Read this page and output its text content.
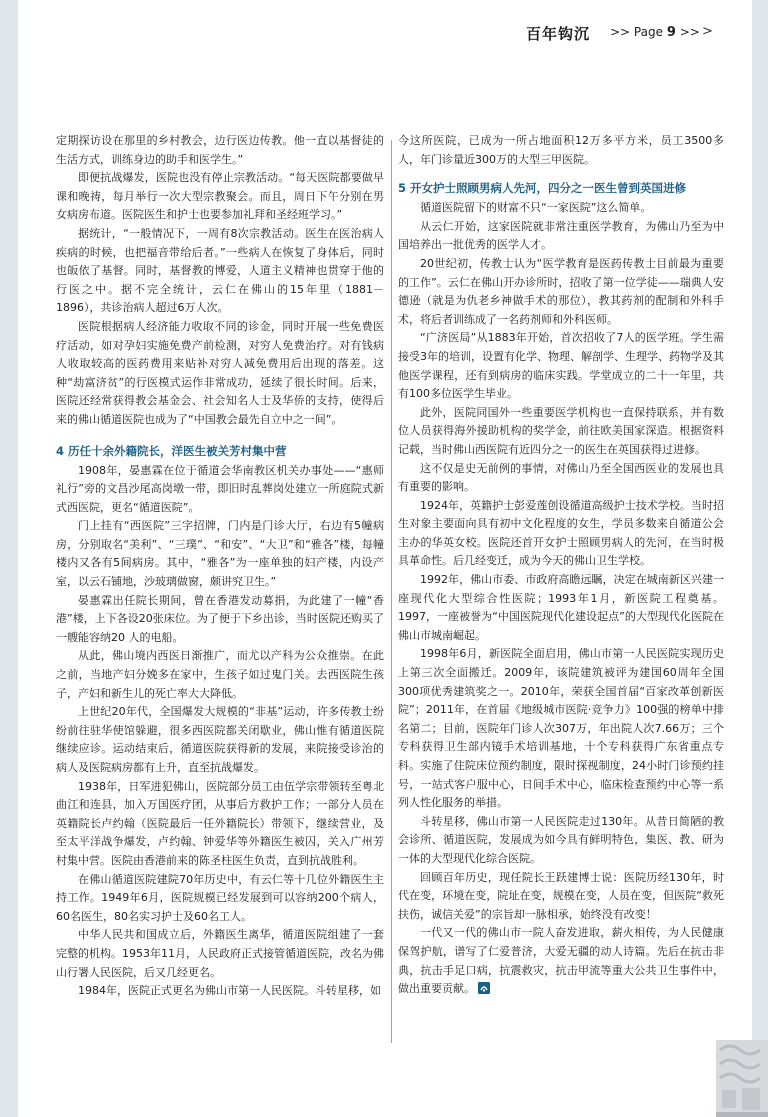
百年钩沉 >> Page 9 >> >

定期探访设在那里的乡村教会，边行医边传教。他一直以基督徒的生活方式，训练身边的助手和医学生。”

即便抗战爆发，医院也没有停止宗教活动。“每天医院都要做早课和晚祷，每月举行一次大型宗教聚会。而且，周日下午分别在男女病房布道。医院医生和护士也要参加礼拜和圣经班学习。”

据统计，“一般情况下，一周有8次宗教活动。医生在医治病人疾病的时候，也把福音带给后者。”一些病人在恢复了身体后，同时也皈依了基督。同时，基督教的博爱，人道主义精神也贯穿于他的行医之中。据不完全统计，云仁在佛山的15年里（1881－1896），共诊治病人超过6万人次。

医院根据病人经济能力收取不同的诊金，同时开展一些免费医疗活动，如对孕妇实施免费产前检测，对穷人免费治疗。对有钱病人收取较高的医药费用来贴补对穷人减免费用后出现的落差。这种“劫富济贫”的行医模式运作非常成功，延续了很长时间。后来，医院还经常获得教会基金会、社会知名人士及华侨的支持，使得后来的佛山循道医院也成为了“中国教会最先自立中之一间”。

4 历任十余外籍院长，洋医生被关芳村集中营

1908年，晏惠霖在位于循道会华南教区机关办事处——“惠师礼行”旁的文昌沙尾高岗墩一带，即旧时乱葬岗处建立一所庭院式新式西医院，更名“循道医院”。

门上挂有“西医院”三字招牌，门内是门诊大厅，右边有5幢病房，分别取名“美利”、“三璞”、“和安”、“大卫”和“雅各”楼，每幢楼内又各有5间病房。其中，“雅各”为一座单独的妇产楼，内设产室，以云石铺地，沙玻璃做窗，颇讲究卫生。”

晏惠霖出任院长期间，曾在香港发动募捐，为此建了一幢“香港”楼，上下各设20张床位。为了便于下乡出诊，当时医院还购买了一艘能容纳20 人的电船。

从此，佛山境内西医日渐推广，而尤以产科为公众推崇。在此之前，当地产妇分娩多在家中，生孩子如过鬼门关。去西医院生孩子，产妇和新生儿的死亡率大大降低。

上世纪20年代，全国爆发大规模的“非基”运动，许多传教士纷纷前往驻华使馆躲避，很多西医院都关闭歇业，佛山惟有循道医院继续应诊。运动结束后，循道医院获得新的发展，来院接受诊治的病人及医院病房都有上升，直至抗战爆发。

1938年，日军进犯佛山，医院部分员工由伍学宗带领转至粤北曲江和连县，加入万国医疗团，从事后方救护工作；一部分人员在英籍院长卢约翰（医院最后一任外籍院长）带领下，继续营业，及至太平洋战争爆发，卢约翰、钟爱华等外籍医生被囚，关入广州芳村集中营。医院由香港前来的陈圣柱医生负责，直到抗战胜利。

在佛山循道医院建院70年历史中，有云仁等十几位外籍医生主持工作。1949年6月，医院规模已经发展到可以容纳200个病人，60名医生，80名实习护士及60名工人。

中华人民共和国成立后，外籍医生离华，循道医院组建了一套完整的机构。1953年11月，人民政府正式接管循道医院，改名为佛山行署人民医院，后又几经更名。

1984年，医院正式更名为佛山市第一人民医院。斗转星移，如

今这所医院，已成为一所占地面积12万多平方米，员工3500多人，年门诊量近300万的大型三甲医院。

5 开女护士照顾男病人先河，四分之一医生曾到英国进修

循道医院留下的财富不只“一家医院”这么简单。

从云仁开始，这家医院就非常注重医学教育，为佛山乃至为中国培养出一批优秀的医学人才。

20世纪初，传教士认为“医学教育是医药传教士目前最为重要的工作”。云仁在佛山开办诊所时，招收了第一位学徒——瑞典人安德逊（就是为仇老乡神做手术的那位），教其药剂的配制和外科手术，将后者训练成了一名药剂师和外科医师。

“广济医局”从1883年开始，首次招收了7人的医学班。学生需接受3年的培训，设置有化学、物理、解剖学、生理学、药物学及其他医学课程，还有到病房的临床实践。学堂成立的二十一年里，共有100多位医学生毕业。

此外，医院同国外一些重要医学机构也一直保持联系，并有数位人员获得海外援助机构的奖学金，前往欧美国家深造。根据资料记载，当时佛山西医院有近四分之一的医生在英国获得过进修。

这不仅是史无前例的事情，对佛山乃至全国西医业的发展也具有重要的影响。

1924年，英籍护士彭爱莲创设循道高级护士技术学校。当时招生对象主要面向具有初中文化程度的女生，学员多数来自循道公会主办的华英女校。医院还首开女护士照顾男病人的先河，在当时极具革命性。后几经变迁，成为今天的佛山卫生学校。

1992年，佛山市委、市政府高瞻远瞩，决定在城南新区兴建一座现代化大型综合性医院；1993年1月，新医院工程奠基。1997，一座被誉为“中国医院现代化建设起点”的大型现代化医院在佛山市城南崛起。

1998年6月，新医院全面启用，佛山市第一人民医院实现历史上第三次全面搬迁。2009年，该院建筑被评为建国60周年全国300项优秀建筑奖之一。2010年，荣获全国首届“百家改革创新医院”；2011年，在首届《地级城市医院·竞争力》100强的榜单中排名第二；目前，医院年门诊人次307万，年出院人次7.66万；三个专科获得卫生部内镜手术培训基地，十个专科获得广东省重点专科。实施了住院床位预约制度，限时探视制度，24小时门诊预约挂号，一站式客户服中心，日间手术中心，临床检查预约中心等一系列人性化服务的举措。

斗转星移，佛山市第一人民医院走过130年。从昔日简陋的教会诊所、循道医院，发展成为如今具有鲜明特色，集医、教、研为一体的大型现代化综合医院。

回顾百年历史，现任院长王跃建博士说：医院历经130年，时代在变，环境在变，院址在变，规模在变，人员在变，但医院“救死扶伤，诚信关爱”的宗旨却一脉相承，始终没有改变！

一代又一代的佛山市一院人奋发进取，薪火相传，为人民健康保驾护航，谱写了仁爱普济，大爱无疆的动人诗篇。先后在抗击非典，抗击手足口病，抗震救灾，抗击甲流等重大公共卫生事件中，做出重要贡献。
